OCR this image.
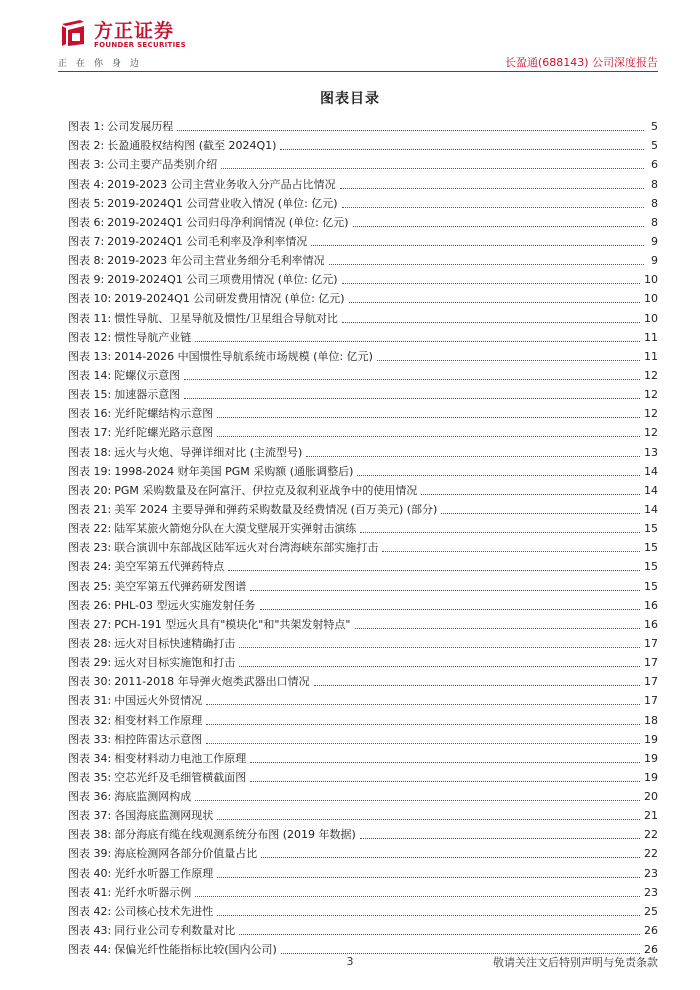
方正证券
FOUNDER SECURITIES
正在你身边	长盈通(688143) 公司深度报告
图表目录
图表 1: 公司发展历程	5
图表 2: 长盈通股权结构图 (截至 2024Q1)	5
图表 3: 公司主要产品类别介绍	6
图表 4: 2019-2023 公司主营业务收入分产品占比情况	8
图表 5: 2019-2024Q1 公司营业收入情况 (单位: 亿元)	8
图表 6: 2019-2024Q1 公司归母净利润情况 (单位: 亿元)	8
图表 7: 2019-2024Q1 公司毛利率及净利率情况	9
图表 8: 2019-2023 年公司主营业务细分毛利率情况	9
图表 9: 2019-2024Q1 公司三项费用情况 (单位: 亿元)	10
图表 10: 2019-2024Q1 公司研发费用情况 (单位: 亿元)	10
图表 11: 惯性导航、卫星导航及惯性/卫星组合导航对比	10
图表 12: 惯性导航产业链	11
图表 13: 2014-2026 中国惯性导航系统市场规模 (单位: 亿元)	11
图表 14: 陀螺仪示意图	12
图表 15: 加速器示意图	12
图表 16: 光纤陀螺结构示意图	12
图表 17: 光纤陀螺光路示意图	12
图表 18: 远火与火炮、导弹详细对比 (主流型号)	13
图表 19: 1998-2024 财年美国 PGM 采购额 (通胀调整后)	14
图表 20: PGM 采购数量及在阿富汗、伊拉克及叙利亚战争中的使用情况	14
图表 21: 美军 2024 主要导弹和弹药采购数量及经费情况 (百万美元) (部分)	14
图表 22: 陆军某旅火箭炮分队在大漠戈壁展开实弹射击演练	15
图表 23: 联合演训中东部战区陆军远火对台湾海峡东部实施打击	15
图表 24: 美空军第五代弹药特点	15
图表 25: 美空军第五代弹药研发图谱	15
图表 26: PHL-03 型远火实施发射任务	16
图表 27: PCH-191 型远火具有"模块化"和"共架发射特点"	16
图表 28: 远火对目标快速精确打击	17
图表 29: 远火对目标实施饱和打击	17
图表 30: 2011-2018 年导弹火炮类武器出口情况	17
图表 31: 中国远火外贸情况	17
图表 32: 相变材料工作原理	18
图表 33: 相控阵雷达示意图	19
图表 34: 相变材料动力电池工作原理	19
图表 35: 空芯光纤及毛细管横截面图	19
图表 36: 海底监测网构成	20
图表 37: 各国海底监测网现状	21
图表 38: 部分海底有缆在线观测系统分布图 (2019 年数据)	22
图表 39: 海底检测网各部分价值量占比	22
图表 40: 光纤水听器工作原理	23
图表 41: 光纤水听器示例	23
图表 42: 公司核心技术先进性	25
图表 43: 同行业公司专利数量对比	26
图表 44: 保偏光纤性能指标比较(国内公司)	26
3	敬请关注文后特别声明与免责条款
